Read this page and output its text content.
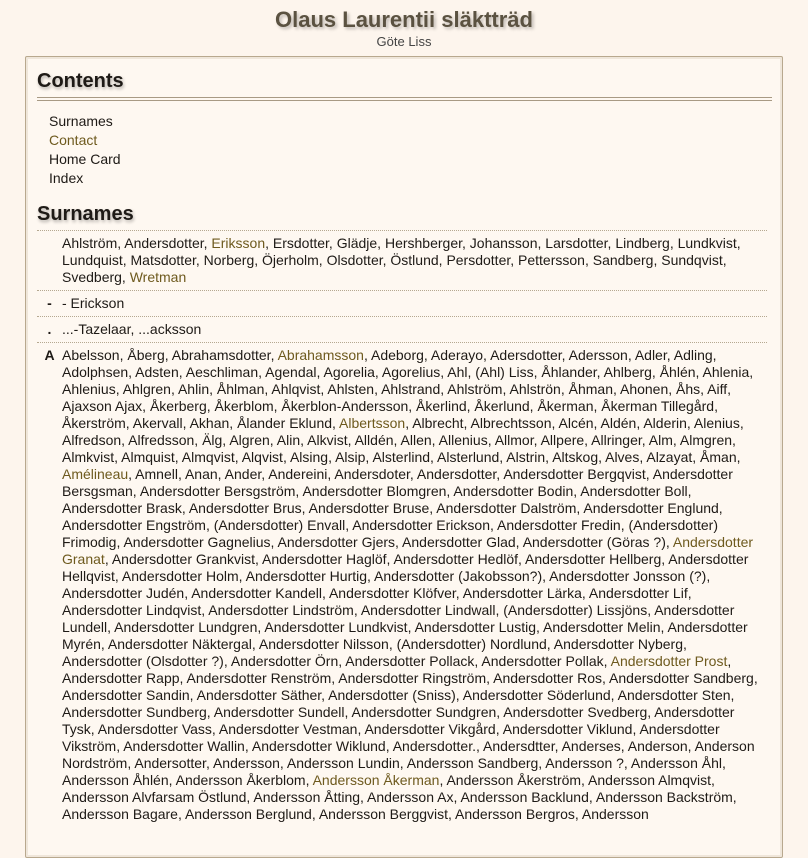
Olaus Laurentii släktträd

Göte Liss

Contents
Surnames
Contact
Home Card
Index
Surnames
Ahlström, Andersdotter, Eriksson, Ersdotter, Glädje, Hershberger, Johansson, Larsdotter, Lindberg, Lundkvist, Lundquist, Matsdotter, Norberg, Öjerholm, Olsdotter, Östlund, Persdotter, Pettersson, Sandberg, Sundqvist, Svedberg, Wretman
- - Erickson
. ...-Tazelaar, ...acksson
A Abelsson, Åberg, Abrahamsdotter, Abrahamsson, Adeborg, Aderayo, Adersdotter, Adersson, Adler, Adling, Adolphsen, Adsten, Aeschliman, Agendal, Agorelia, Agorelius, Ahl, (Ahl) Liss, Åhlander, Ahlberg, Åhlén, Ahlenia, Ahlenius, Ahlgren, Ahlin, Åhlman, Ahlqvist, Ahlsten, Ahlstrand, Ahlström, Ahlströn, Åhman, Ahonen, Åhs, Aiff, Ajaxson Ajax, Åkerberg, Åkerblom, Åkerblon-Andersson, Åkerlind, Åkerlund, Åkerman, Åkerman Tillegård, Åkerström, Akervall, Akhan, Ålander Eklund, Albertsson, Albrecht, Albrechtsson, Alcén, Aldén, Alderin, Alenius, Alfredson, Alfredsson, Älg, Algren, Alin, Alkvist, Alldén, Allen, Allenius, Allmor, Allpere, Allringer, Alm, Almgren, Almkvist, Almquist, Almqvist, Alqvist, Alsing, Alsip, Alsterlind, Alsterlund, Alstrin, Altskog, Alves, Alzayat, Åman, Amélineau, Amnell, Anan, Ander, Andereini, Andersdoter, Andersdotter, Andersdotter Bergqvist, Andersdotter Bersgsman, Andersdotter Bersgström, Andersdotter Blomgren, Andersdotter Bodin, Andersdotter Boll, Andersdotter Brask, Andersdotter Brus, Andersdotter Bruse, Andersdotter Dalström, Andersdotter Englund, Andersdotter Engström, (Andersdotter) Envall, Andersdotter Erickson, Andersdotter Fredin, (Andersdotter) Frimodig, Andersdotter Gagnelius, Andersdotter Gjers, Andersdotter Glad, Andersdotter (Göras ?), Andersdotter Granat, Andersdotter Grankvist, Andersdotter Haglöf, Andersdotter Hedlöf, Andersdotter Hellberg, Andersdotter Hellqvist, Andersdotter Holm, Andersdotter Hurtig, Andersdotter (Jakobsson?), Andersdotter Jonsson (?), Andersdotter Judén, Andersdotter Kandell, Andersdotter Klöfver, Andersdotter Lärka, Andersdotter Lif, Andersdotter Lindqvist, Andersdotter Lindström, Andersdotter Lindwall, (Andersdotter) Lissjöns, Andersdotter Lundell, Andersdotter Lundgren, Andersdotter Lundkvist, Andersdotter Lustig, Andersdotter Melin, Andersdotter Myrén, Andersdotter Näktergal, Andersdotter Nilsson, (Andersdotter) Nordlund, Andersdotter Nyberg, Andersdotter (Olsdotter ?), Andersdotter Örn, Andersdotter Pollack, Andersdotter Pollak, Andersdotter Prost, Andersdotter Rapp, Andersdotter Renström, Andersdotter Ringström, Andersdotter Ros, Andersdotter Sandberg, Andersdotter Sandin, Andersdotter Säther, Andersdotter (Sniss), Andersdotter Söderlund, Andersdotter Sten, Andersdotter Sundberg, Andersdotter Sundell, Andersdotter Sundgren, Andersdotter Svedberg, Andersdotter Tysk, Andersdotter Vass, Andersdotter Vestman, Andersdotter Vikgård, Andersdotter Viklund, Andersdotter Vikström, Andersdotter Wallin, Andersdotter Wiklund, Andersdotter., Andersdtter, Anderses, Anderson, Anderson Nordström, Andersotter, Andersson, Andersson Lundin, Andersson Sandberg, Andersson ?, Andersson Åhl, Andersson Åhlén, Andersson Åkerblom, Andersson Åkerman, Andersson Åkerström, Andersson Almqvist, Andersson Alvfarsam Östlund, Andersson Åtting, Andersson Ax, Andersson Backlund, Andersson Backström, Andersson Bagare, Andersson Berglund, Andersson Berggvist, Andersson Bergros, Andersson
